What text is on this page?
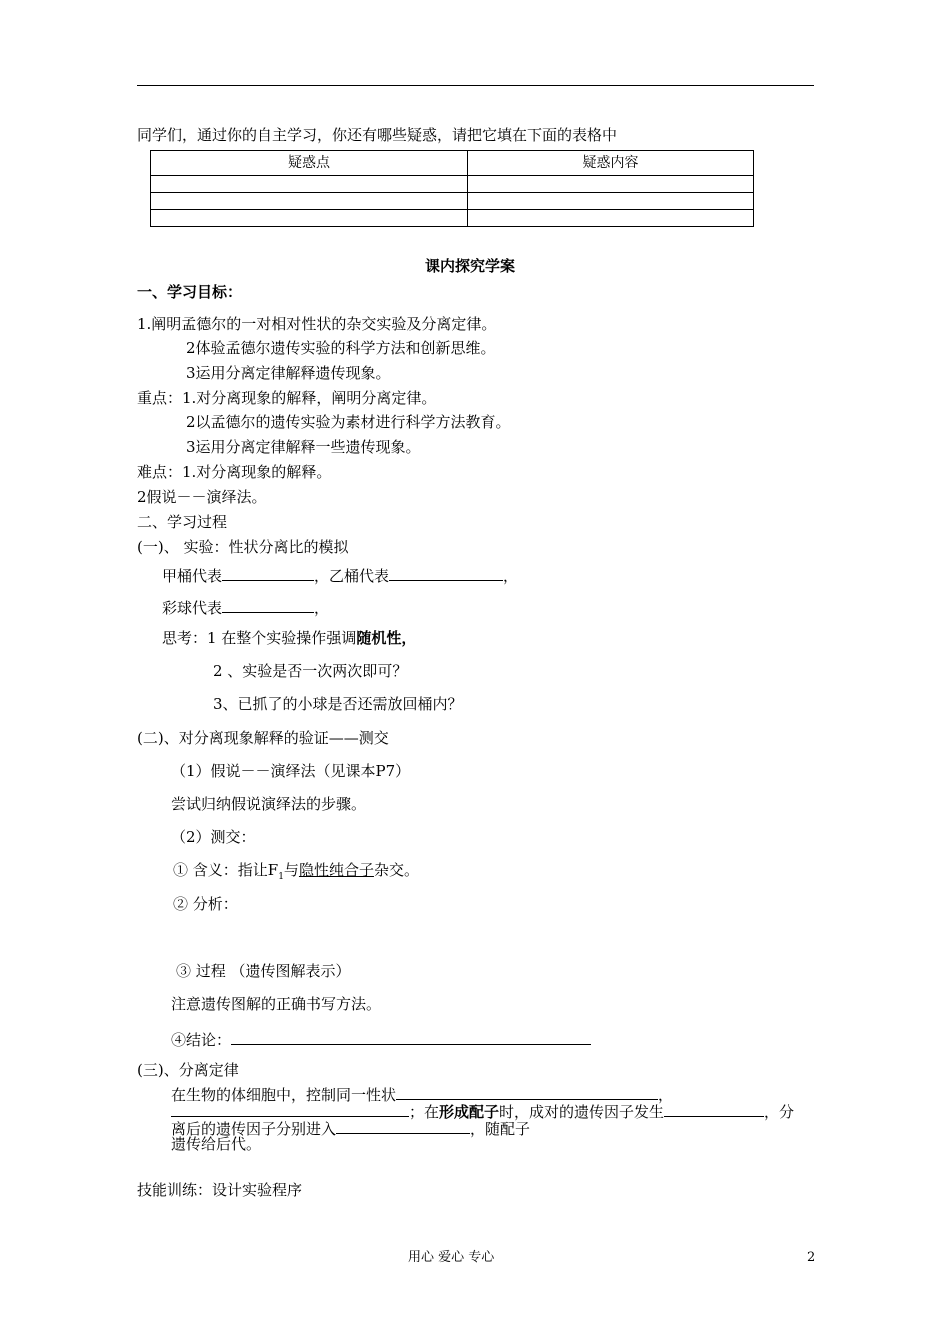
同学们，通过你的自主学习，你还有哪些疑惑，请把它填在下面的表格中
疑惑点	疑惑内容

课内探究学案
一、学习目标：
1.阐明孟德尔的一对相对性状的杂交实验及分离定律。
2体验孟德尔遗传实验的科学方法和创新思维。
3运用分离定律解释遗传现象。
重点：1.对分离现象的解释，阐明分离定律。
2以孟德尔的遗传实验为素材进行科学方法教育。
3运用分离定律解释一些遗传现象。
难点：1.对分离现象的解释。
2假说－－演绎法。
二、学习过程
(一)、 实验：性状分离比的模拟
甲桶代表	，乙桶代表	，
彩球代表	，
思考：1 在整个实验操作强调随机性，
2 、实验是否一次两次即可？
3、已抓了的小球是否还需放回桶内？
(二)、对分离现象解释的验证——测交
（1）假说－－演绎法（见课本P7）
尝试归纳假说演绎法的步骤。
（2）测交：
① 含义：指让$F_1$与隐性纯合子杂交。
② 分析：
③ 过程 （遗传图解表示）
注意遗传图解的正确书写方法。
④结论：
(三)、分离定律
在生物的体细胞中，控制同一性状	，
；在形成配子时，成对的遗传因子发生	，分
离后的遗传因子分别进入	，随配子
遗传给后代。
技能训练：设计实验程序
用心 爱心 专心	2
